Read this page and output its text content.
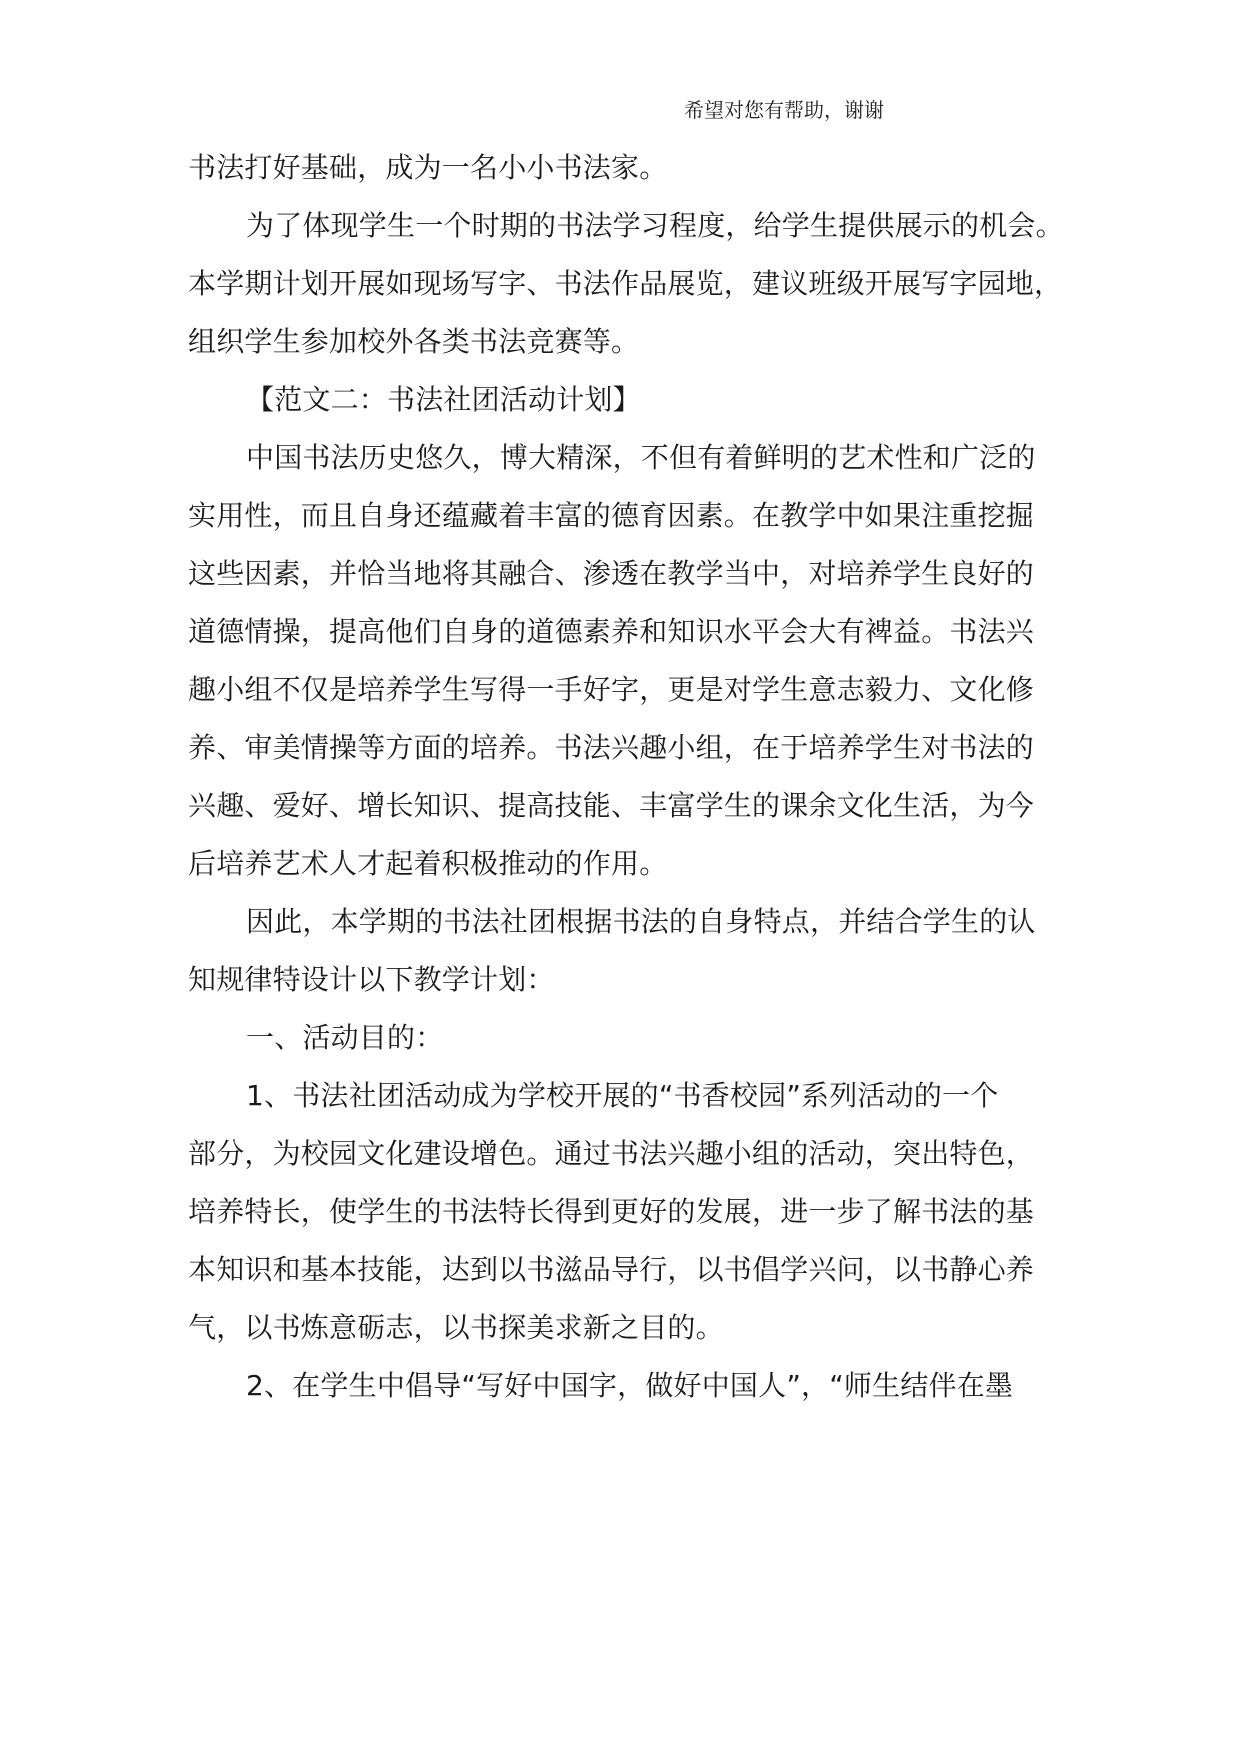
希望对您有帮助，谢谢
书法打好基础，成为一名小小书法家。
为了体现学生一个时期的书法学习程度，给学生提供展示的机会。
本学期计划开展如现场写字、书法作品展览，建议班级开展写字园地，
组织学生参加校外各类书法竞赛等。
【范文二：书法社团活动计划】
中国书法历史悠久，博大精深，不但有着鲜明的艺术性和广泛的
实用性，而且自身还蕴藏着丰富的德育因素。在教学中如果注重挖掘
这些因素，并恰当地将其融合、渗透在教学当中，对培养学生良好的
道德情操，提高他们自身的道德素养和知识水平会大有裨益。书法兴
趣小组不仅是培养学生写得一手好字，更是对学生意志毅力、文化修
养、审美情操等方面的培养。书法兴趣小组，在于培养学生对书法的
兴趣、爱好、增长知识、提高技能、丰富学生的课余文化生活，为今
后培养艺术人才起着积极推动的作用。
因此，本学期的书法社团根据书法的自身特点，并结合学生的认
知规律特设计以下教学计划：
一、活动目的：
1、书法社团活动成为学校开展的“书香校园”系列活动的一个
部分，为校园文化建设增色。通过书法兴趣小组的活动，突出特色，
培养特长，使学生的书法特长得到更好的发展，进一步了解书法的基
本知识和基本技能，达到以书滋品导行，以书倡学兴问，以书静心养
气，以书炼意砺志，以书探美求新之目的。
2、在学生中倡导“写好中国字，做好中国人”，“师生结伴在墨
